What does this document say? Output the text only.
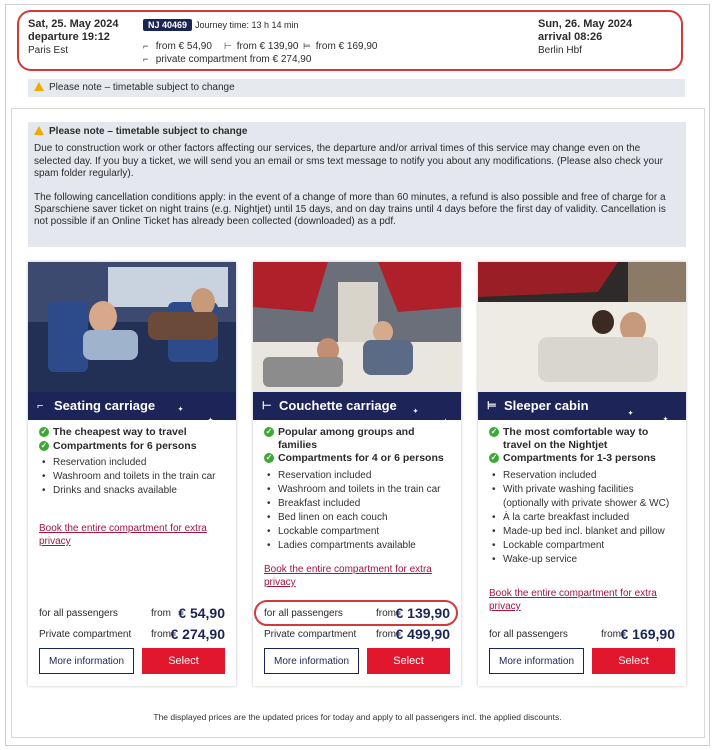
Sat, 25. May 2024
departure 19:12
Paris Est
NJ 40469 Journey time: 13 h 14 min
⌐ from € 54,90 ⊢ from € 139,90 ⊨ from € 169,90
⌐ private compartment from € 274,90
Sun, 26. May 2024
arrival 08:26
Berlin Hbf
Please note – timetable subject to change
Please note – timetable subject to change

Due to construction work or other factors affecting our services, the departure and/or arrival times of this service may change even on the selected day. If you buy a ticket, we will send you an email or sms text message to notify you about any modifications. (Please also check your spam folder regularly).

The following cancellation conditions apply: in the event of a change of more than 60 minutes, a refund is also possible and free of charge for a Sparschiene saver ticket on night trains (e.g. Nightjet) until 15 days, and on day trains until 4 days before the first day of validity. Cancellation is not possible if an Online Ticket has already been collected (downloaded) as a pdf.

⌐ Seating carriage	✦
✦
✓ The cheapest way to travel
✓ Compartments for 6 persons
• Reservation included
• Washroom and toilets in the train car
• Drinks and snacks available
Book the entire compartment for extra privacy
for all passengers	from € 54,90
Private compartment from € 274,90
More information	Select
⊢ Couchette carriage	✦
✦
✓ Popular among groups and families
✓ Compartments for 4 or 6 persons
• Reservation included
• Washroom and toilets in the train car
• Breakfast included
• Bed linen on each couch
• Lockable compartment
• Ladies compartments available
Book the entire compartment for extra privacy
for all passengers	from € 139,90
Private compartment from € 499,90
More information	Select
⊨ Sleeper cabin
✦
✦
✓ The most comfortable way to travel on the Nightjet
✓ Compartments for 1-3 persons
• Reservation included
• With private washing facilities (optionally with private shower & WC)
• À la carte breakfast included
• Made-up bed incl. blanket and pillow
• Lockable compartment
• Wake-up service
Book the entire compartment for extra privacy
for all passengers	from € 169,90
More information	Select
The displayed prices are the updated prices for today and apply to all passengers incl. the applied discounts.
